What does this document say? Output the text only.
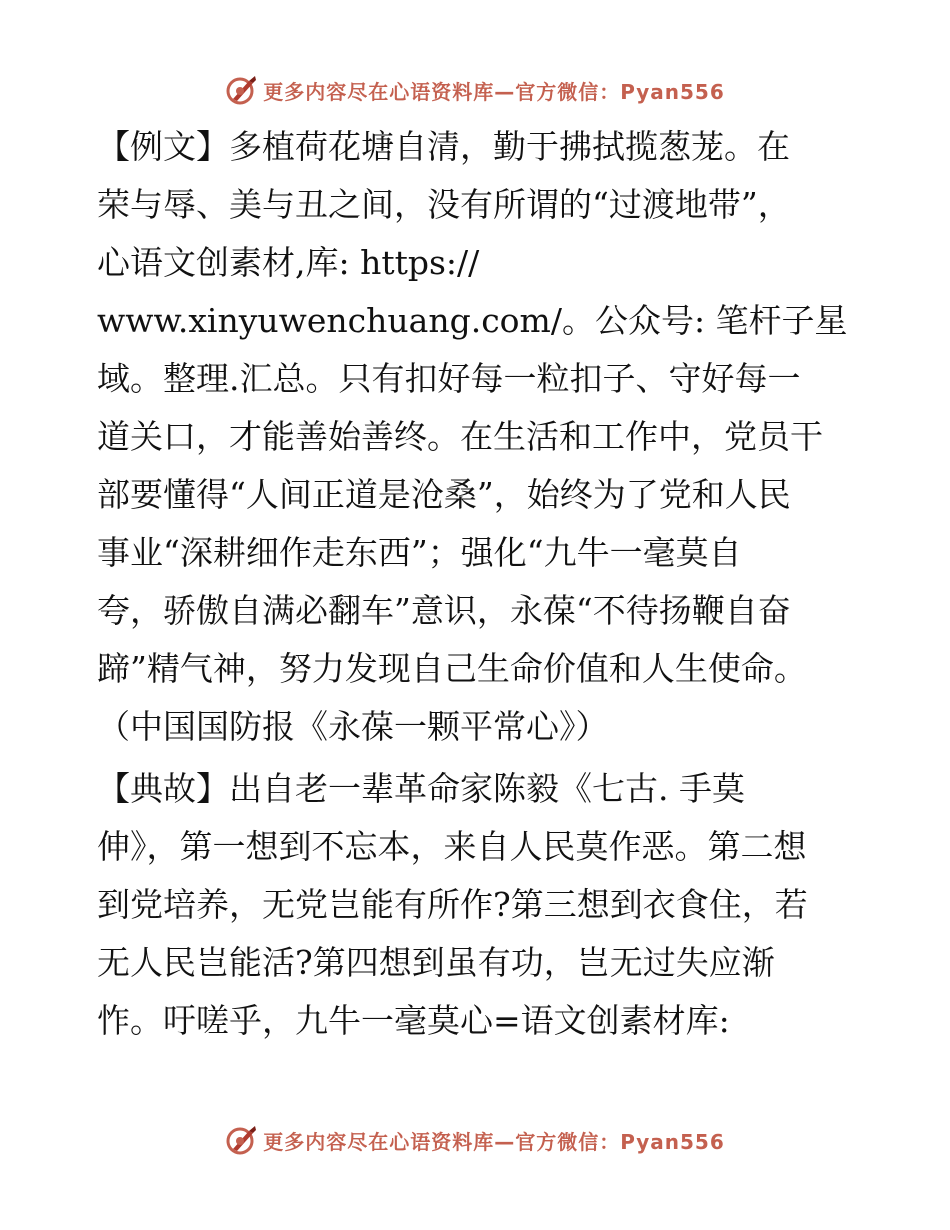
更多内容尽在心语资料库—官方微信：Pyan556
【例文】多植荷花塘自清，勤于拂拭揽葱茏。在
荣与辱、美与丑之间，没有所谓的“过渡地带”，
心语文创素材,库: https://
www.xinyuwenchuang.com/。公众号: 笔杆子星
域。整理.汇总。只有扣好每一粒扣子、守好每一
道关口，才能善始善终。在生活和工作中，党员干
部要懂得“人间正道是沧桑”，始终为了党和人民
事业“深耕细作走东西”；强化“九牛一毫莫自
夸，骄傲自满必翻车”意识，永葆“不待扬鞭自奋
蹄”精气神，努力发现自己生命价值和人生使命。
（中国国防报《永葆一颗平常心》）
【典故】出自老一辈革命家陈毅《七古. 手莫
伸》，第一想到不忘本，来自人民莫作恶。第二想
到党培养，无党岂能有所作?第三想到衣食住，若
无人民岂能活?第四想到虽有功，岂无过失应渐
怍。吁嗟乎，九牛一毫莫心=语文创素材库:
更多内容尽在心语资料库—官方微信：Pyan556
